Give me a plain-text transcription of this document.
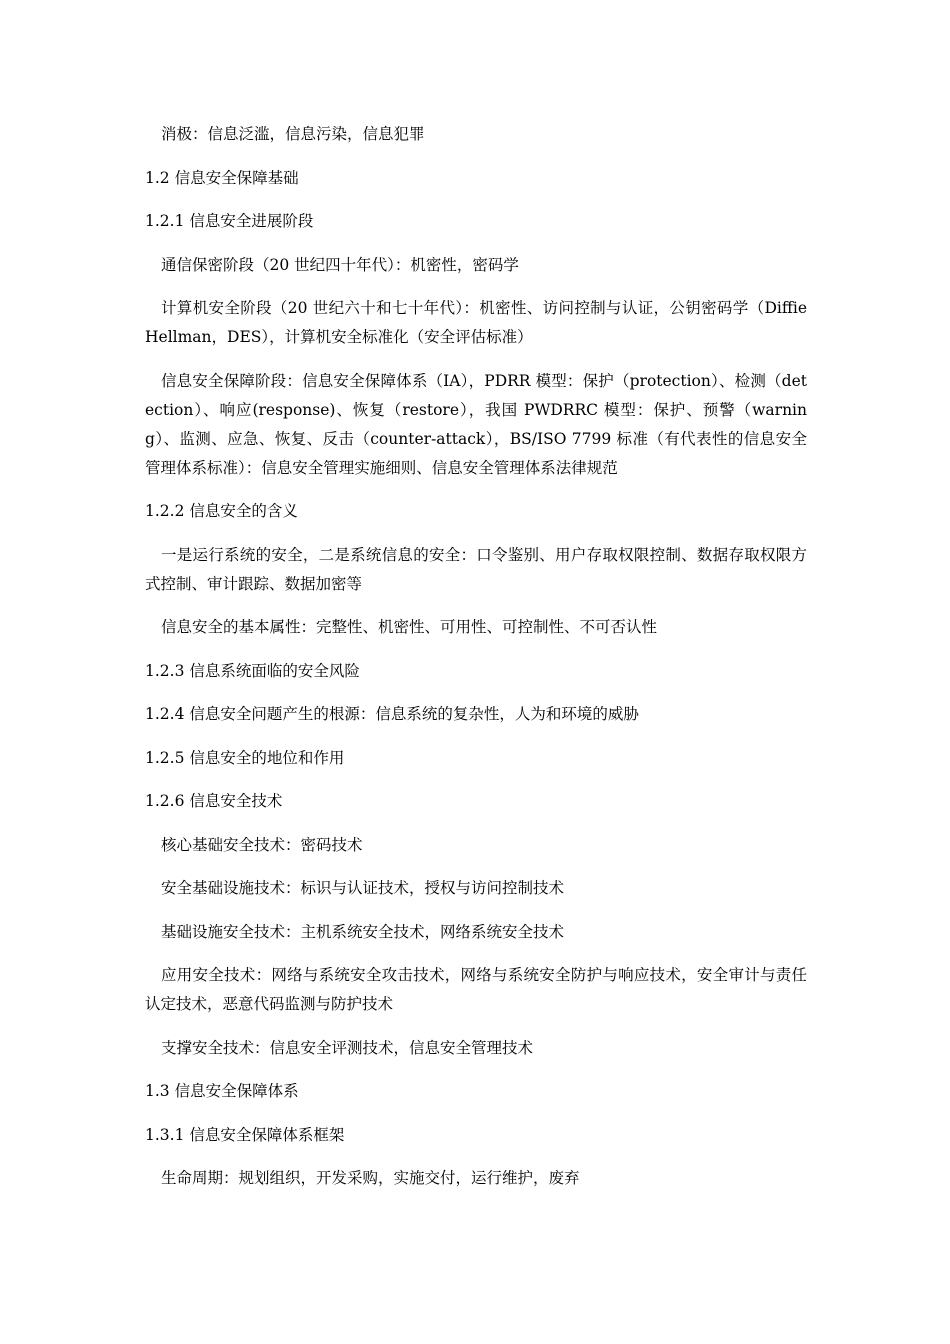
消极：信息泛滥，信息污染，信息犯罪

1.2 信息安全保障基础

1.2.1 信息安全进展阶段

通信保密阶段（20 世纪四十年代）：机密性，密码学

计算机安全阶段（20 世纪六十和七十年代）：机密性、访问控制与认证，公钥密码学（Diffie Hellman，DES），计算机安全标准化（安全评估标准）

信息安全保障阶段：信息安全保障体系（IA），PDRR 模型：保护（protection）、检测（detection）、响应(response)、恢复（restore），我国 PWDRRC 模型：保护、预警（warning）、监测、应急、恢复、反击（counter-attack），BS/ISO 7799 标准（有代表性的信息安全管理体系标准）：信息安全管理实施细则、信息安全管理体系法律规范

1.2.2 信息安全的含义

一是运行系统的安全，二是系统信息的安全：口令鉴别、用户存取权限控制、数据存取权限方式控制、审计跟踪、数据加密等

信息安全的基本属性：完整性、机密性、可用性、可控制性、不可否认性

1.2.3 信息系统面临的安全风险

1.2.4 信息安全问题产生的根源：信息系统的复杂性，人为和环境的威胁

1.2.5 信息安全的地位和作用

1.2.6 信息安全技术

核心基础安全技术：密码技术

安全基础设施技术：标识与认证技术，授权与访问控制技术

基础设施安全技术：主机系统安全技术，网络系统安全技术

应用安全技术：网络与系统安全攻击技术，网络与系统安全防护与响应技术，安全审计与责任认定技术，恶意代码监测与防护技术

支撑安全技术：信息安全评测技术，信息安全管理技术

1.3 信息安全保障体系

1.3.1 信息安全保障体系框架

生命周期：规划组织，开发采购，实施交付，运行维护，废弃
